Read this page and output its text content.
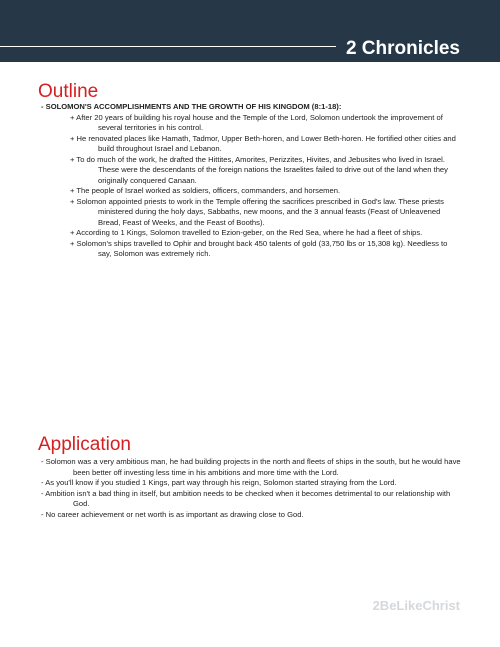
2 Chronicles
Outline
- SOLOMON'S ACCOMPLISHMENTS AND THE GROWTH OF HIS KINGDOM (8:1-18):
+ After 20 years of building his royal house and the Temple of the Lord, Solomon undertook the improvement of several territories in his control.
+ He renovated places like Hamath, Tadmor, Upper Beth-horen, and Lower Beth-horen. He fortified other cities and build throughout Israel and Lebanon.
+ To do much of the work, he drafted the Hittites, Amorites, Perizzites, Hivites, and Jebusites who lived in Israel. These were the descendants of the foreign nations the Israelites failed to drive out of the land when they originally conquered Canaan.
+ The people of Israel worked as soldiers, officers, commanders, and horsemen.
+ Solomon appointed priests to work in the Temple offering the sacrifices prescribed in God's law. These priests ministered during the holy days, Sabbaths, new moons, and the 3 annual feasts (Feast of Unleavened Bread, Feast of Weeks, and the Feast of Booths).
+ According to 1 Kings, Solomon travelled to Ezion-geber, on the Red Sea, where he had a fleet of ships.
+ Solomon's ships travelled to Ophir and brought back 450 talents of gold (33,750 lbs or 15,308 kg). Needless to say, Solomon was extremely rich.
Application
- Solomon was a very ambitious man, he had building projects in the north and fleets of ships in the south, but he would have been better off investing less time in his ambitions and more time with the Lord.
- As you'll know if you studied 1 Kings, part way through his reign, Solomon started straying from the Lord.
- Ambition isn't a bad thing in itself, but ambition needs to be checked when it becomes detrimental to our relationship with God.
- No career achievement or net worth is as important as drawing close to God.
2BeLikeChrist
